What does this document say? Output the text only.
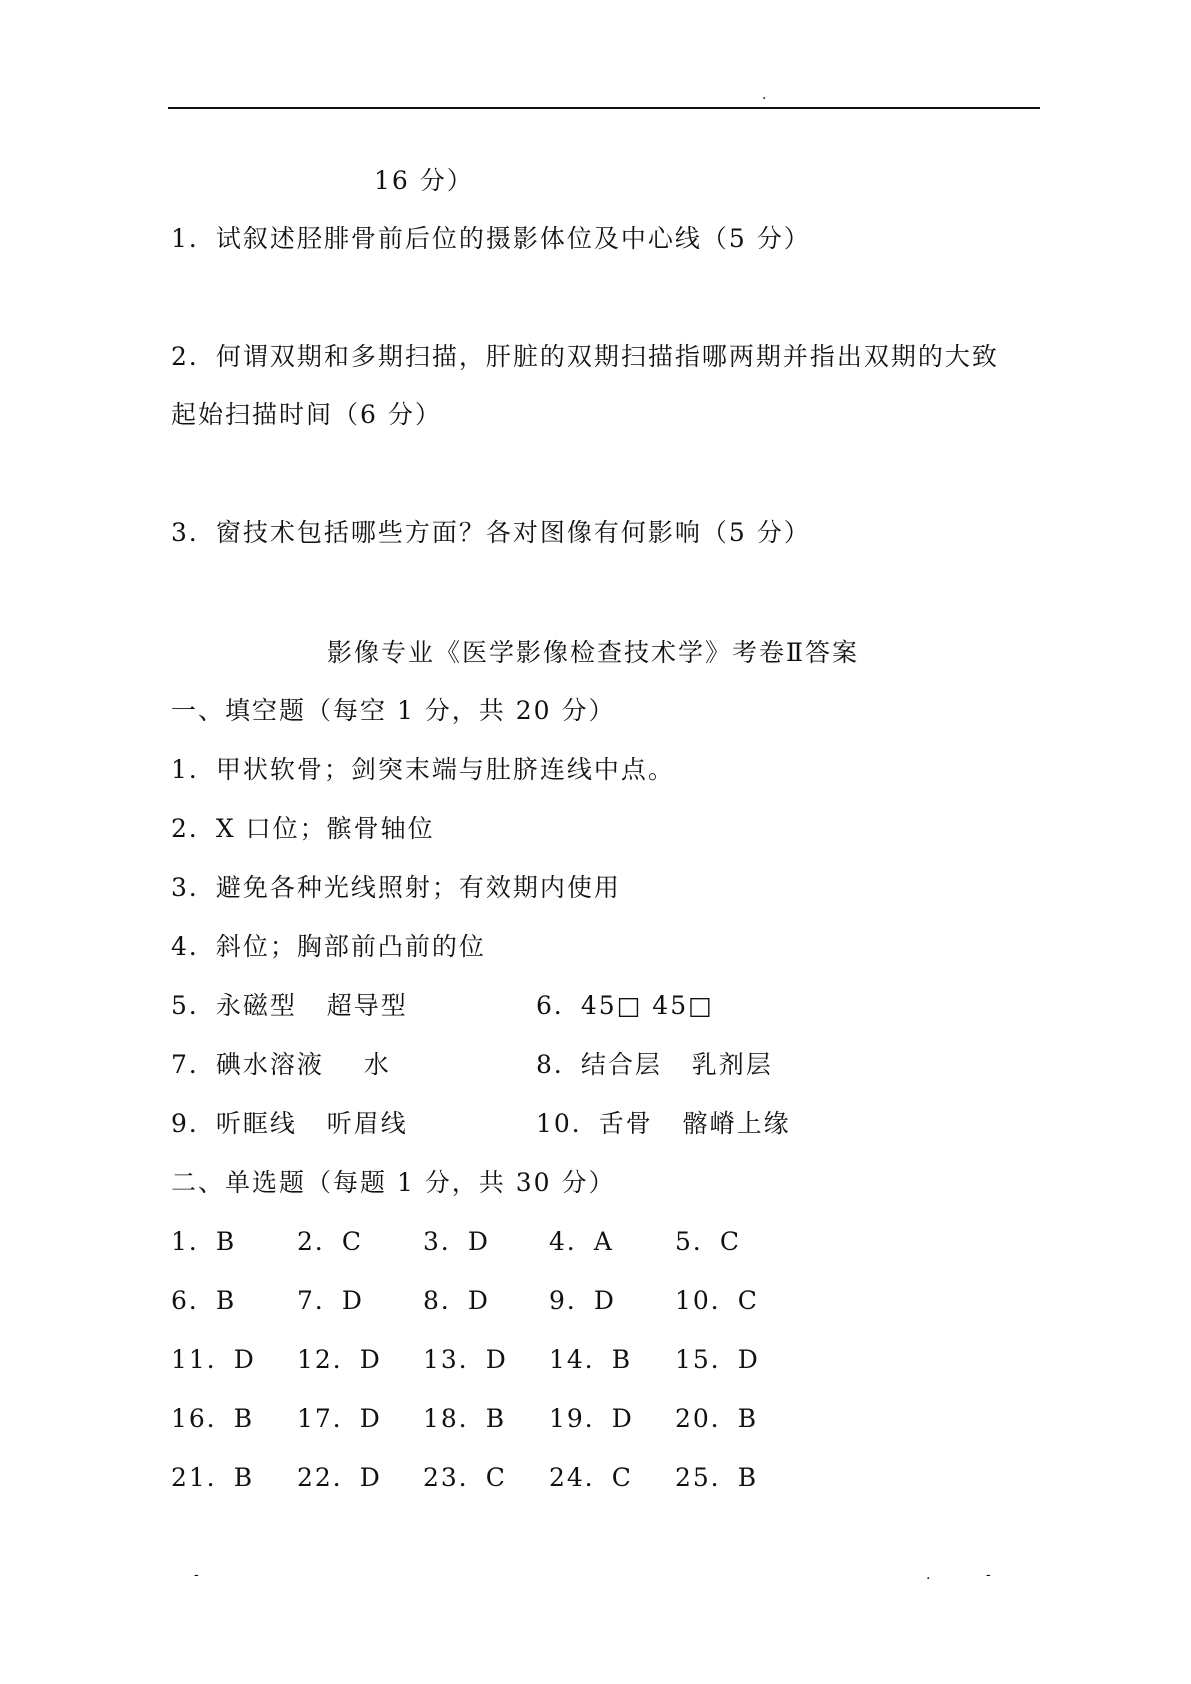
.
16 分）
1．试叙述胫腓骨前后位的摄影体位及中心线（5 分）
2．何谓双期和多期扫描，肝脏的双期扫描指哪两期并指出双期的大致
起始扫描时间（6 分）
3．窗技术包括哪些方面？各对图像有何影响（5 分）
影像专业《医学影像检查技术学》考卷Ⅱ答案
一、填空题（每空 1 分，共 20 分）
1．甲状软骨；剑突末端与肚脐连线中点。
2．X 口位；髌骨轴位
3．避免各种光线照射；有效期内使用
4．斜位；胸部前凸前的位
5．永磁型   超导型	6．45□ 45□
7．碘水溶液    水	8．结合层   乳剂层
9．听眶线   听眉线	10．舌骨   髂嵴上缘
二、单选题（每题 1 分，共 30 分）
1．B 2．C 3．D 4．A 5．C
6．B 7．D 8．D 9．D 10．C
11．D 12．D 13．D 14．B 15．D
16．B 17．D 18．B 19．D 20．B
21．B 22．D 23．C 24．C 25．B
-	.	-
